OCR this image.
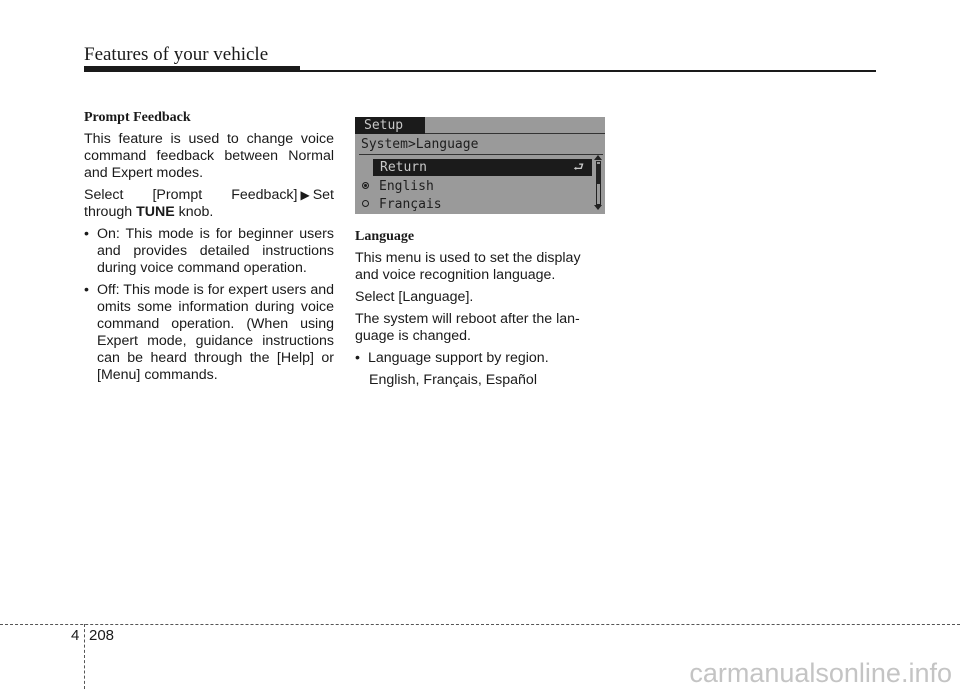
Features of your vehicle
Prompt Feedback

This feature is used to change voice command feedback between Normal and Expert modes.

Select [Prompt Feedback] ▶ Set through TUNE knob.

• On: This mode is for beginner users and provides detailed instructions during voice command operation.
• Off: This mode is for expert users and omits some information during voice command operation. (When using Expert mode, guidance instructions can be heard through the [Help] or [Menu] commands.
Setup
System>Language
Return	⮐
English
Français
Language

This menu is used to set the display and voice recognition language.

Select [Language].

The system will reboot after the lan- guage is changed.

• Language support by region.

English, Français, Español

4 208
carmanualsonline.info
